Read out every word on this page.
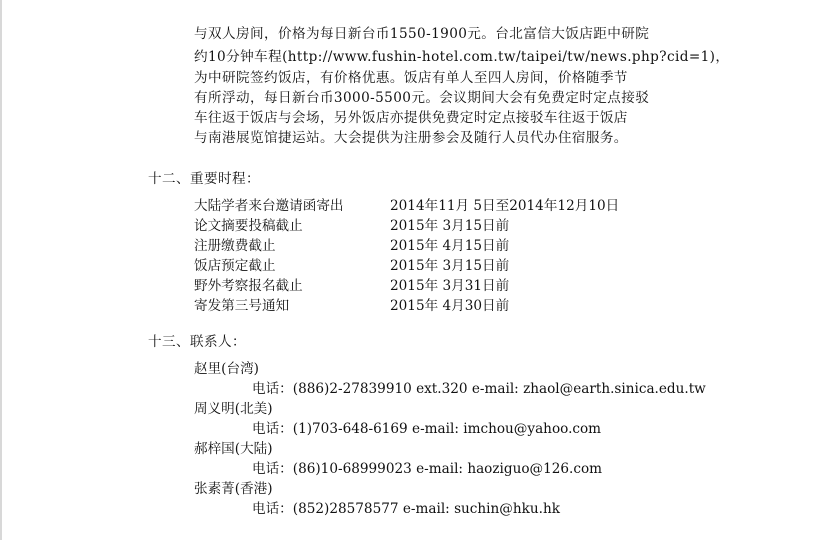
与双人房间，价格为每日新台币1550-1900元。台北富信大饭店距中研院
约10分钟车程(http://www.fushin-hotel.com.tw/taipei/tw/news.php?cid=1)，
为中研院签约饭店，有价格优惠。饭店有单人至四人房间，价格随季节
有所浮动，每日新台币3000-5500元。会议期间大会有免费定时定点接驳
车往返于饭店与会场，另外饭店亦提供免费定时定点接驳车往返于饭店
与南港展览馆捷运站。大会提供为注册参会及随行人员代办住宿服务。
十二、重要时程：
大陆学者来台邀请函寄出	2014年11月 5日至2014年12月10日
论文摘要投稿截止	2015年 3月15日前
注册缴费截止	2015年 4月15日前
饭店预定截止	2015年 3月15日前
野外考察报名截止	2015年 3月31日前
寄发第三号通知	2015年 4月30日前
十三、联系人：
赵里(台湾)
电话：(886)2-27839910 ext.320 e-mail: zhaol@earth.sinica.edu.tw
周义明(北美)
电话：(1)703-648-6169 e-mail: imchou@yahoo.com
郝梓国(大陆)
电话：(86)10-68999023 e-mail: haoziguo@126.com
张素菁(香港)
电话：(852)28578577 e-mail: suchin@hku.hk
